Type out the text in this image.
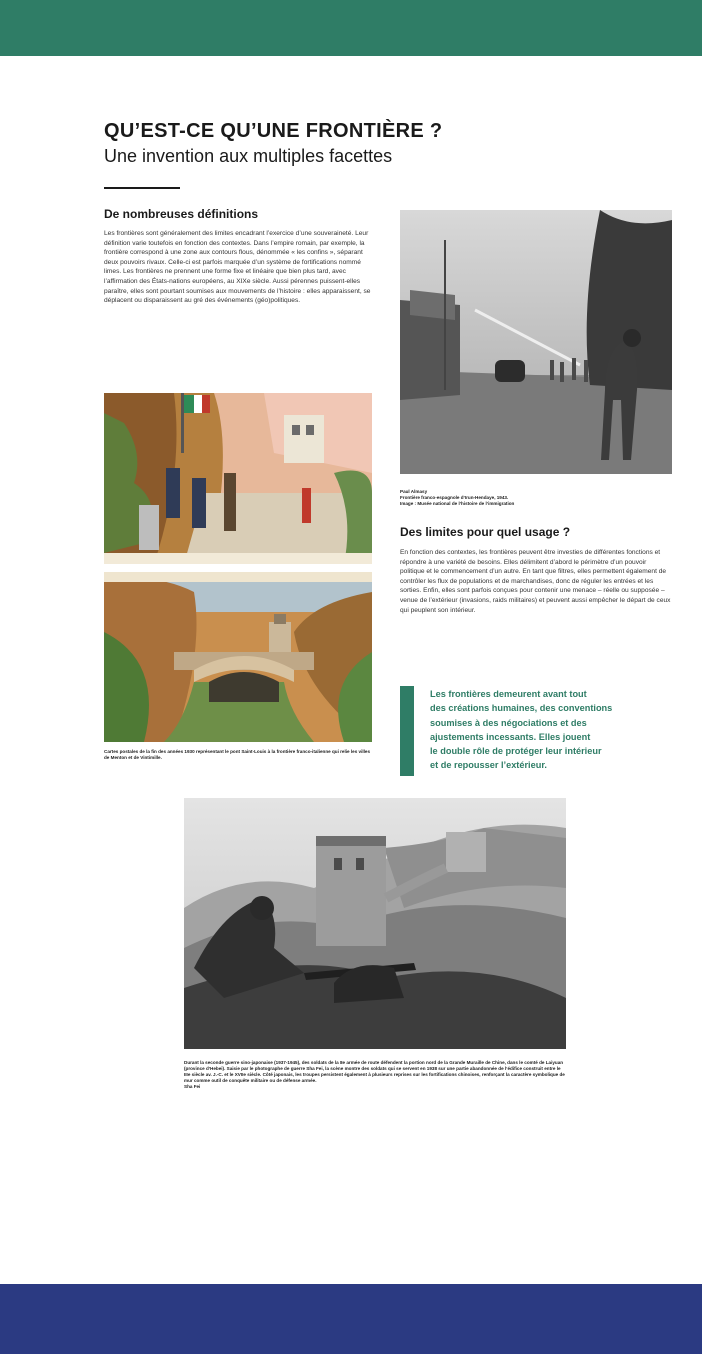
QU’EST-CE QU’UNE FRONTIÈRE ?
Une invention aux multiples facettes
De nombreuses définitions

Les frontières sont généralement des limites encadrant l’exercice d’une souveraineté. Leur définition varie toutefois en fonction des contextes. Dans l’empire romain, par exemple, la frontière correspond à une zone aux contours flous, dénommée « les confins », séparant deux pouvoirs rivaux. Celle-ci est parfois marquée d’un système de fortifications nommé limes. Les frontières ne prennent une forme fixe et linéaire que bien plus tard, avec l’affirmation des États-nations européens, au XIXe siècle. Aussi pérennes puissent-elles paraître, elles sont pourtant soumises aux mouvements de l’histoire : elles apparaissent, se déplacent ou disparaissent au gré des événements (géo)politiques.

Paul Almasy
Frontière franco-espagnole d’Irun-Hendaye, 1943.
Image : Musée national de l’histoire de l’immigration

Cartes postales de la fin des années 1930 représentant le pont Saint-Louis à la frontière franco-italienne qui relie les villes de Menton et de Vintimille.

Des limites pour quel usage ?

En fonction des contextes, les frontières peuvent être investies de différentes fonctions et répondre à une variété de besoins. Elles délimitent d’abord le périmètre d’un pouvoir politique et le commencement d’un autre. En tant que filtres, elles permettent également de contrôler les flux de populations et de marchandises, donc de réguler les entrées et les sorties. Enfin, elles sont parfois conçues pour contenir une menace – réelle ou supposée – venue de l’extérieur (invasions, raids militaires) et peuvent aussi empêcher le départ de ceux qui peuplent son intérieur.

Les frontières demeurent avant tout
des créations humaines, des conventions
soumises à des négociations et des
ajustements incessants. Elles jouent
le double rôle de protéger leur intérieur
et de repousser l’extérieur.

Durant la seconde guerre sino-japonaise (1937-1945), des soldats de la 8e armée de route défendent la portion nord de la Grande Muraille de Chine, dans le comté de Laiyuan (province d’Hebei). Saisie par le photographe de guerre Sha Fei, la scène montre des soldats qui se servent en 1938 sur une partie abandonnée de l’édifice construit entre le IIIe siècle av. J.-C. et le XVIIe siècle. Côté japonais, les troupes persistent également à plusieurs reprises sur les fortifications chinoises, renforçant la caractère symbolique de mur comme outil de conquête militaire ou de défense armée.
Sha Fei
